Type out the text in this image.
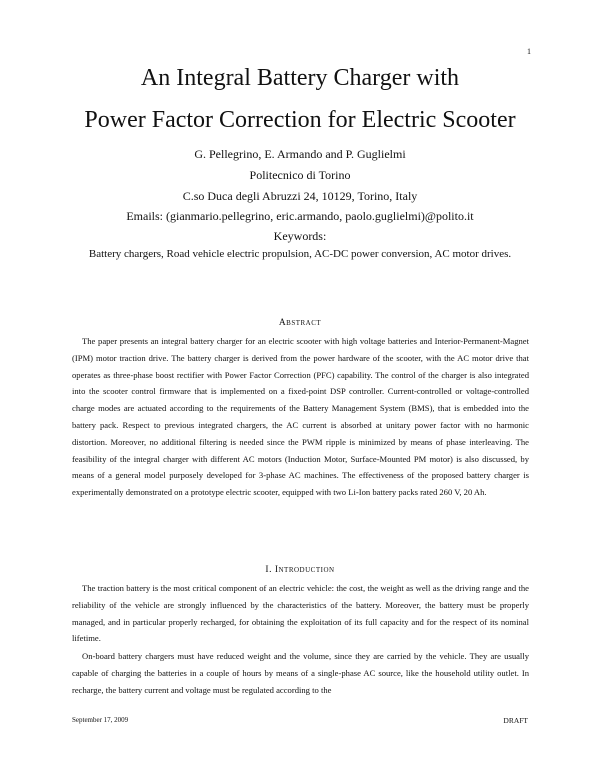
1
An Integral Battery Charger with
Power Factor Correction for Electric Scooter
G. Pellegrino, E. Armando and P. Guglielmi
Politecnico di Torino
C.so Duca degli Abruzzi 24, 10129, Torino, Italy
Emails: (gianmario.pellegrino, eric.armando, paolo.guglielmi)@polito.it
Keywords:
Battery chargers, Road vehicle electric propulsion, AC-DC power conversion, AC motor drives.
Abstract

The paper presents an integral battery charger for an electric scooter with high voltage batteries and Interior-Permanent-Magnet (IPM) motor traction drive. The battery charger is derived from the power hardware of the scooter, with the AC motor drive that operates as three-phase boost rectifier with Power Factor Correction (PFC) capability. The control of the charger is also integrated into the scooter control firmware that is implemented on a fixed-point DSP controller. Current-controlled or voltage-controlled charge modes are actuated according to the requirements of the Battery Management System (BMS), that is embedded into the battery pack. Respect to previous integrated chargers, the AC current is absorbed at unitary power factor with no harmonic distortion. Moreover, no additional filtering is needed since the PWM ripple is minimized by means of phase interleaving. The feasibility of the integral charger with different AC motors (Induction Motor, Surface-Mounted PM motor) is also discussed, by means of a general model purposely developed for 3-phase AC machines. The effectiveness of the proposed battery charger is experimentally demonstrated on a prototype electric scooter, equipped with two Li-Ion battery packs rated 260 V, 20 Ah.

I. Introduction

The traction battery is the most critical component of an electric vehicle: the cost, the weight as well as the driving range and the reliability of the vehicle are strongly influenced by the characteristics of the battery. Moreover, the battery must be properly managed, and in particular properly recharged, for obtaining the exploitation of its full capacity and for the respect of its nominal lifetime.

On-board battery chargers must have reduced weight and the volume, since they are carried by the vehicle. They are usually capable of charging the batteries in a couple of hours by means of a single-phase AC source, like the household utility outlet. In recharge, the battery current and voltage must be regulated according to the

September 17, 2009	DRAFT
